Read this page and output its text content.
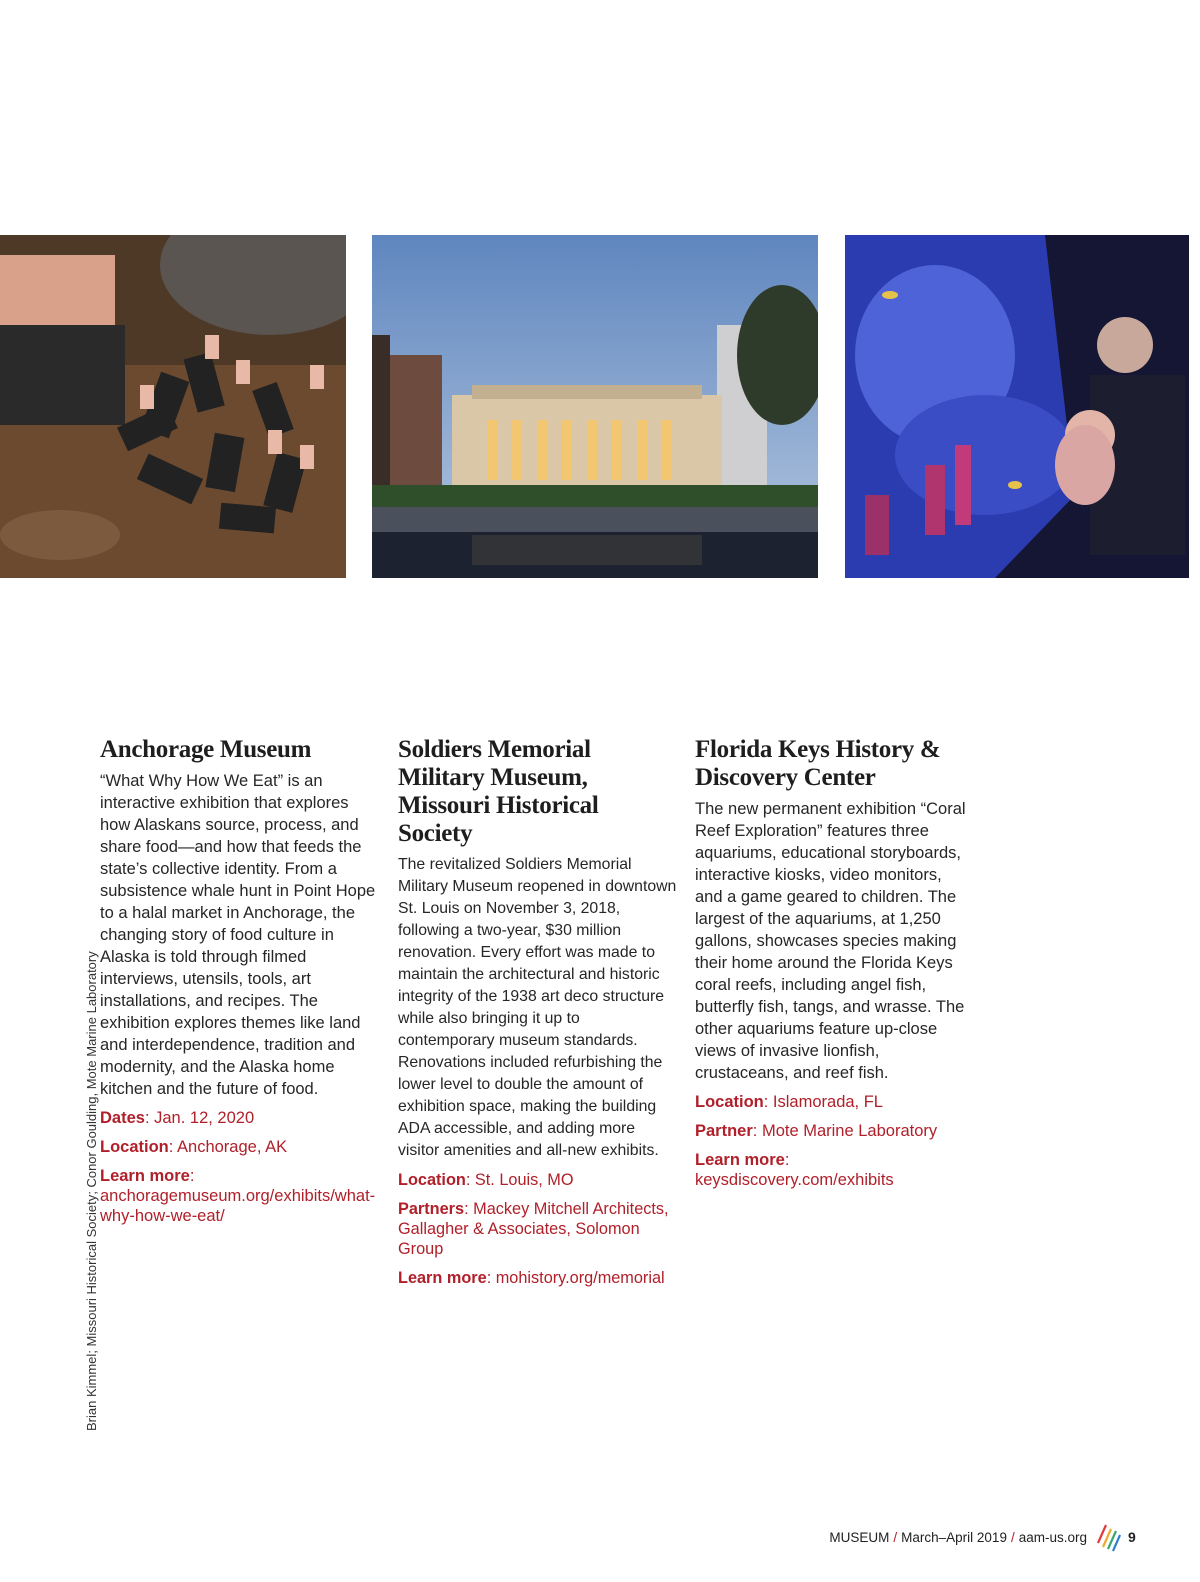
Brian Kimmel; Missouri Historical Society; Conor Goulding, Mote Marine Laboratory
Anchorage Museum

“What Why How We Eat” is an interactive exhibition that explores how Alaskans source, process, and share food—and how that feeds the state’s collective identity. From a subsistence whale hunt in Point Hope to a halal market in Anchorage, the changing story of food culture in Alaska is told through filmed interviews, utensils, tools, art installations, and recipes. The exhibition explores themes like land and interdependence, tradition and modernity, and the Alaska home kitchen and the future of food.

Dates: Jan. 12, 2020
Location: Anchorage, AK
Learn more: anchoragemuseum.org/exhibits/what-why-how-we-eat/
Soldiers Memorial Military Museum, Missouri Historical Society

The revitalized Soldiers Memorial Military Museum reopened in downtown St. Louis on November 3, 2018, following a two-year, $30 million renovation. Every effort was made to maintain the architectural and historic integrity of the 1938 art deco structure while also bringing it up to contemporary museum standards. Renovations included refurbishing the lower level to double the amount of exhibition space, making the building ADA accessible, and adding more visitor amenities and all-new exhibits.

Location: St. Louis, MO
Partners: Mackey Mitchell Architects, Gallagher & Associates, Solomon Group
Learn more: mohistory.org/memorial
Florida Keys History & Discovery Center

The new permanent exhibition “Coral Reef Exploration” features three aquariums, educational storyboards, interactive kiosks, video monitors, and a game geared to children. The largest of the aquariums, at 1,250 gallons, showcases species making their home around the Florida Keys coral reefs, including angel fish, butterfly fish, tangs, and wrasse. The other aquariums feature up-close views of invasive lionfish, crustaceans, and reef fish.

Location: Islamorada, FL
Partner: Mote Marine Laboratory
Learn more: keysdiscovery.com/exhibits
MUSEUM / March–April 2019 / aam-us.org	9
